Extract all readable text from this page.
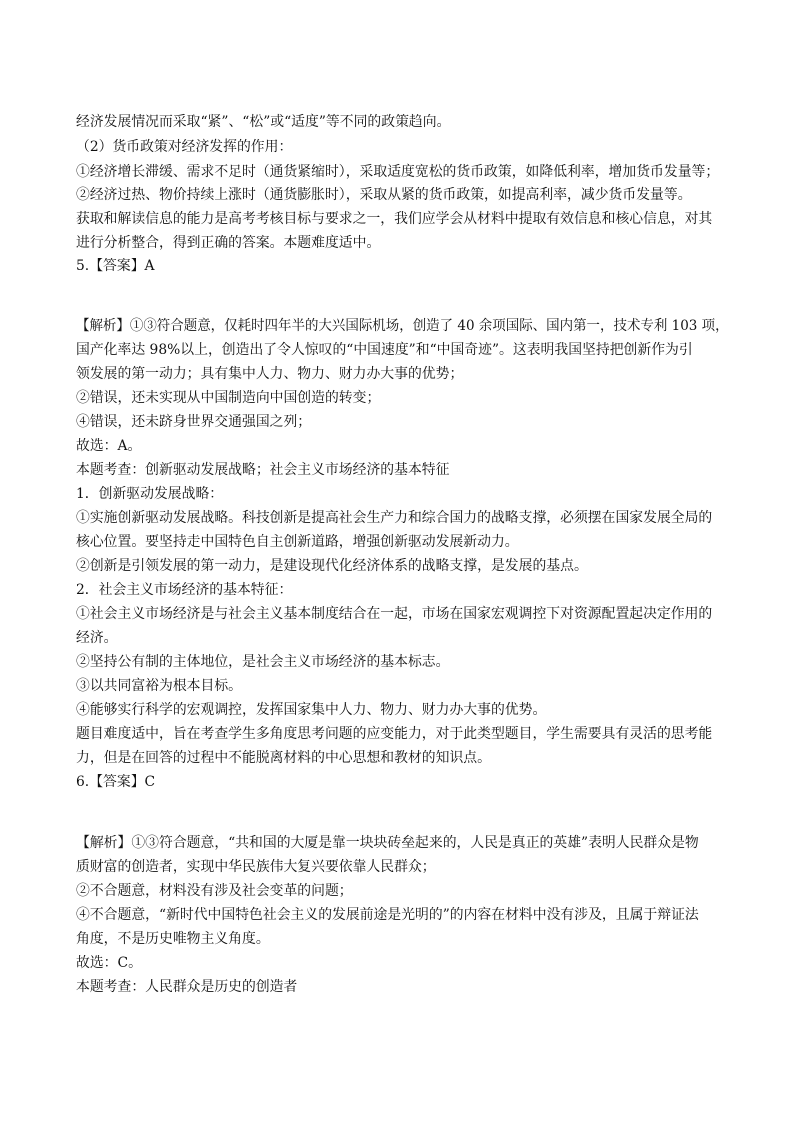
经济发展情况而采取“紧”、“松”或“适度”等不同的政策趋向。
（2）货币政策对经济发挥的作用：
①经济增长滞缓、需求不足时（通货紧缩时），采取适度宽松的货币政策，如降低利率，增加货币发量等；
②经济过热、物价持续上涨时（通货膨胀时），采取从紧的货币政策，如提高利率，减少货币发量等。
获取和解读信息的能力是高考考核目标与要求之一，我们应学会从材料中提取有效信息和核心信息，对其
进行分析整合，得到正确的答案。本题难度适中。
5.【答案】A
【解析】①③符合题意，仅耗时四年半的大兴国际机场，创造了 40 余项国际、国内第一，技术专利 103 项，
国产化率达 98%以上，创造出了令人惊叹的“中国速度”和“中国奇迹”。这表明我国坚持把创新作为引
领发展的第一动力；具有集中人力、物力、财力办大事的优势；
②错误，还未实现从中国制造向中国创造的转变；
④错误，还未跻身世界交通强国之列；
故选：A。
本题考查：创新驱动发展战略；社会主义市场经济的基本特征
1．创新驱动发展战略：
①实施创新驱动发展战略。科技创新是提高社会生产力和综合国力的战略支撑，必须摆在国家发展全局的
核心位置。要坚持走中国特色自主创新道路，增强创新驱动发展新动力。
②创新是引领发展的第一动力，是建设现代化经济体系的战略支撑，是发展的基点。
2．社会主义市场经济的基本特征：
①社会主义市场经济是与社会主义基本制度结合在一起，市场在国家宏观调控下对资源配置起决定作用的
经济。
②坚持公有制的主体地位，是社会主义市场经济的基本标志。
③以共同富裕为根本目标。
④能够实行科学的宏观调控，发挥国家集中人力、物力、财力办大事的优势。
题目难度适中，旨在考查学生多角度思考问题的应变能力，对于此类型题目，学生需要具有灵活的思考能
力，但是在回答的过程中不能脱离材料的中心思想和教材的知识点。
6.【答案】C
【解析】①③符合题意，“共和国的大厦是靠一块块砖垒起来的，人民是真正的英雄”表明人民群众是物
质财富的创造者，实现中华民族伟大复兴要依靠人民群众；
②不合题意，材料没有涉及社会变革的问题；
④不合题意，“新时代中国特色社会主义的发展前途是光明的”的内容在材料中没有涉及，且属于辩证法
角度，不是历史唯物主义角度。
故选：C。
本题考查：人民群众是历史的创造者
